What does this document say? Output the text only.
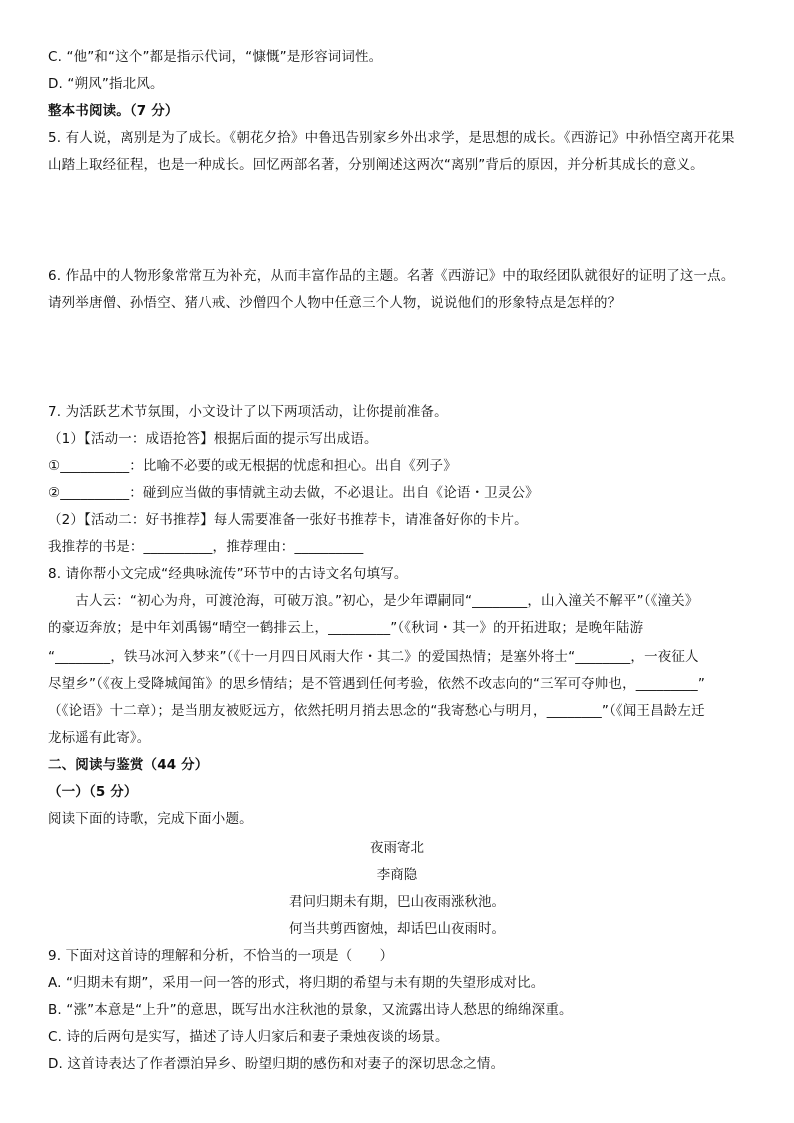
C. “他”和“这个”都是指示代词，“慷慨”是形容词词性。
D. “朔风”指北风。
整本书阅读。（7 分）
5. 有人说，离别是为了成长。《朝花夕拾》中鲁迅告别家乡外出求学，是思想的成长。《西游记》中孙悟空离开花果
山踏上取经征程，也是一种成长。回忆两部名著，分别阐述这两次“离别”背后的原因，并分析其成长的意义。
6. 作品中的人物形象常常互为补充，从而丰富作品的主题。名著《西游记》中的取经团队就很好的证明了这一点。
请列举唐僧、孙悟空、猪八戒、沙僧四个人物中任意三个人物，说说他们的形象特点是怎样的？
7. 为活跃艺术节氛围，小文设计了以下两项活动，让你提前准备。
（1）【活动一：成语抢答】根据后面的提示写出成语。
①__________：比喻不必要的或无根据的忧虑和担心。出自《列子》
②__________：碰到应当做的事情就主动去做，不必退让。出自《论语・卫灵公》
（2）【活动二：好书推荐】每人需要准备一张好书推荐卡，请准备好你的卡片。
我推荐的书是：__________，推荐理由：__________
8. 请你帮小文完成“经典咏流传”环节中的古诗文名句填写。
　　古人云：“初心为舟，可渡沧海，可破万浪。”初心，是少年谭嗣同“________，山入潼关不解平”（《潼关》
的豪迈奔放；是中年刘禹锡“晴空一鹤排云上，_________”（《秋词・其一》的开拓进取；是晚年陆游
“________，铁马冰河入梦来”（《十一月四日风雨大作・其二》的爱国热情；是塞外将士“________，一夜征人
尽望乡”（《夜上受降城闻笛》的思乡情结；是不管遇到任何考验，依然不改志向的“三军可夺帅也，_________”
（《论语》十二章）；是当朋友被贬远方，依然托明月捎去思念的“我寄愁心与明月，________”（《闻王昌龄左迁
龙标遥有此寄》。
二、阅读与鉴赏（44 分）
（一）（5 分）
阅读下面的诗歌，完成下面小题。
夜雨寄北
李商隐
君问归期未有期，巴山夜雨涨秋池。
何当共剪西窗烛，却话巴山夜雨时。
9. 下面对这首诗的理解和分析，不恰当的一项是（　　）
A. “归期未有期”，采用一问一答的形式，将归期的希望与未有期的失望形成对比。
B. “涨”本意是“上升”的意思，既写出水注秋池的景象，又流露出诗人愁思的绵绵深重。
C. 诗的后两句是实写，描述了诗人归家后和妻子秉烛夜谈的场景。
D. 这首诗表达了作者漂泊异乡、盼望归期的感伤和对妻子的深切思念之情。
